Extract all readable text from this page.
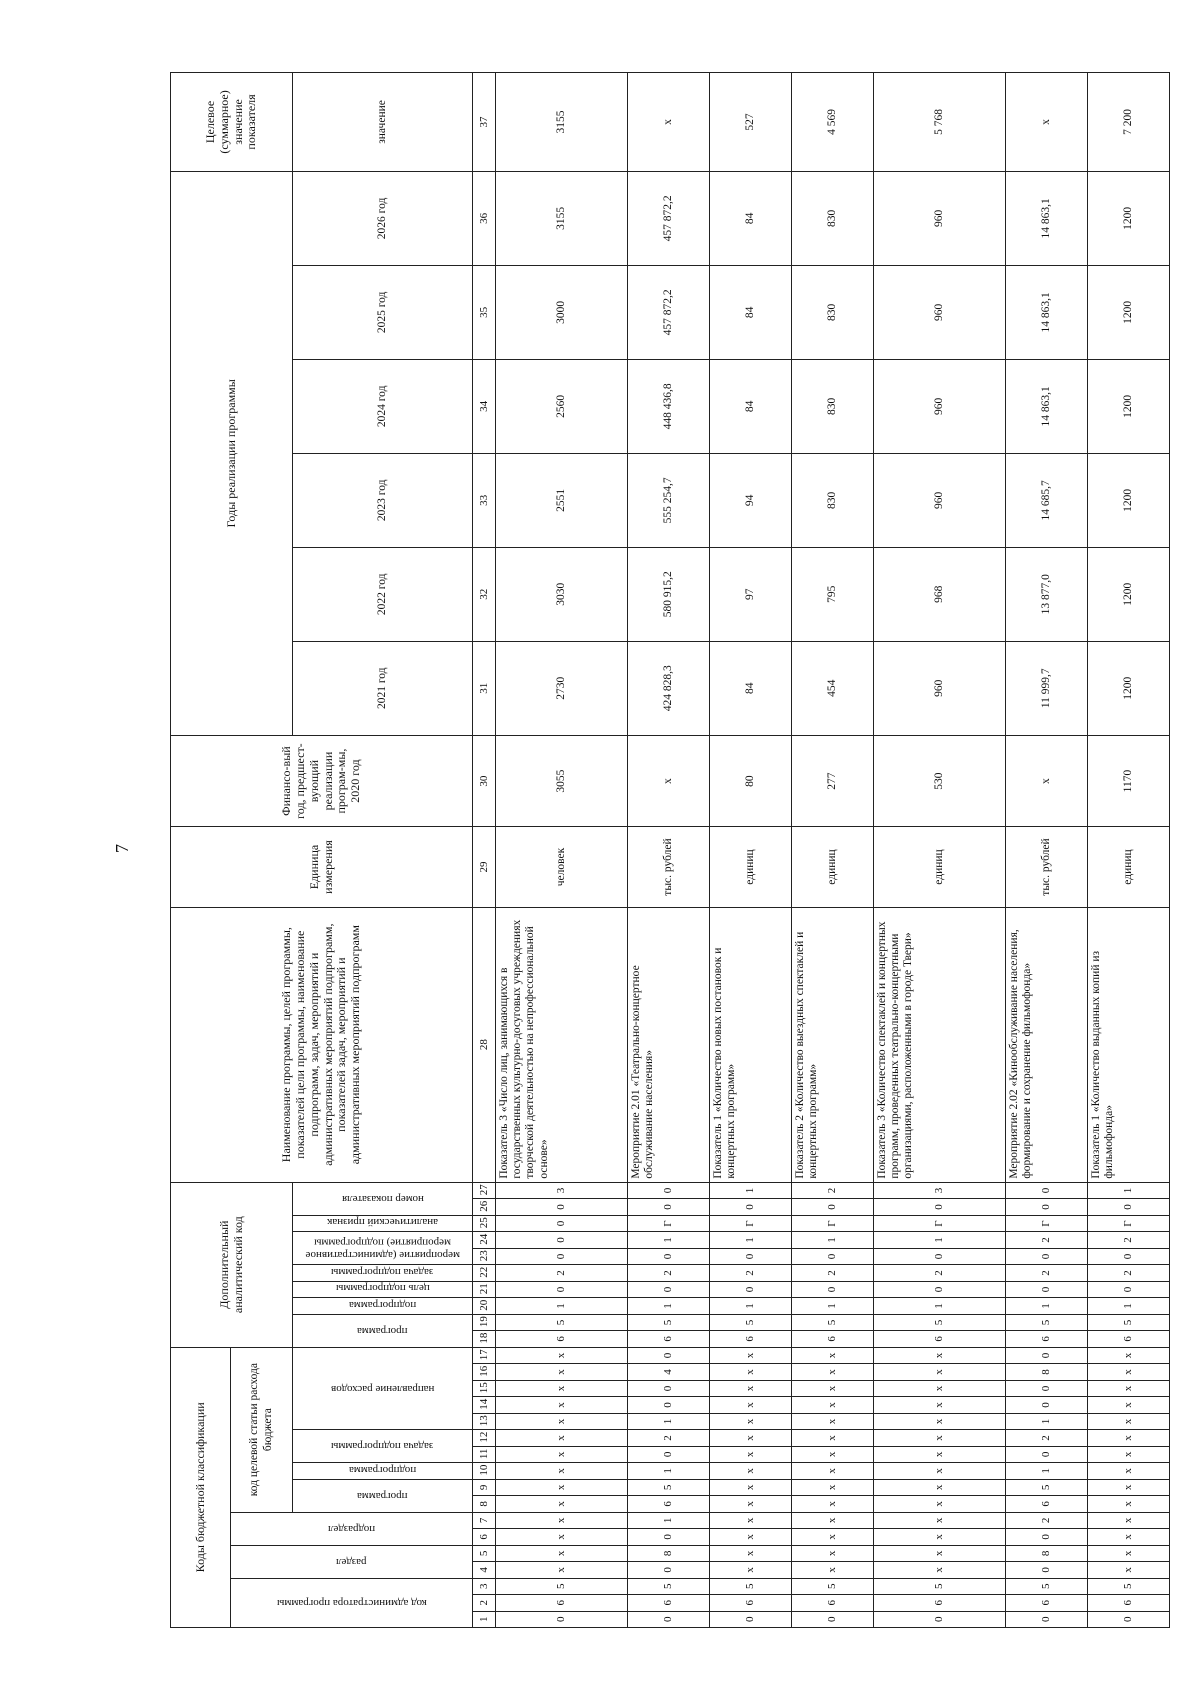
7
Коды бюджетной классификации																	Дополнительный аналитический код										Наименование программы, целей программы, показателей цели программы, наименование подпрограмм, задач, мероприятий и административных мероприятий подпрограмм, показателей задач, мероприятий и административных мероприятий подпрограмм	Единица измерения	Финансо-вый год, предшест-вующий реализации програм-мы, 2020 год	Годы реализации программы						Целевое (суммарное) значение показателя

код администратора программы			раздел		подраздел		код целевой статьи расхода бюджета																													

							программа		подпрограмма	задача подпрограммы		направление расходов					программа		подпрограмма	цель подпрограммы	задача подпрограммы	мероприятие (административное мероприятие) подпрограммы		аналитический признак	номер показателя					2021 год	2022 год	2023 год	2024 год	2025 год	2026 год	значение
1	2	3	4	5	6	7	8	9	10	11	12	13	14	15	16	17	18	19	20	21	22	23	24	25	26	27	28	29	30	31	32	33	34	35	36	37
0	6	5	х	х	х	х	х	х	х	х	х	х	х	х	х	х	6	5	1	0	2	0	0	0	0	3	Показатель 3 «Число лиц, занимающихся в государственных культурно-досуговых учреждениях творческой деятельностью на непрофессиональной основе»	человек	3055	2730	3030	2551	2560	3000	3155	3155
0	6	5	0	8	0	1	6	5	1	0	2	1	0	0	4	0	6	5	1	0	2	0	1	Г	0	0	Мероприятие 2.01 «Театрально-концертное обслуживание населения»	тыс. рублей	х	424 828,3	580 915,2	555 254,7	448 436,8	457 872,2	457 872,2	х
0	6	5	х	х	х	х	х	х	х	х	х	х	х	х	х	х	6	5	1	0	2	0	1	Г	0	1	Показатель 1 «Количество новых постановок и концертных программ»	единиц	80	84	97	94	84	84	84	527
0	6	5	х	х	х	х	х	х	х	х	х	х	х	х	х	х	6	5	1	0	2	0	1	Г	0	2	Показатель 2 «Количество выездных спектаклей и концертных программ»	единиц	277	454	795	830	830	830	830	4 569
0	6	5	х	х	х	х	х	х	х	х	х	х	х	х	х	х	6	5	1	0	2	0	1	Г	0	3	Показатель 3 «Количество спектаклей и концертных программ, проведенных театрально-концертными организациями, расположенными в городе Твери»	единиц	530	960	968	960	960	960	960	5 768
0	6	5	0	8	0	2	6	5	1	0	2	1	0	0	8	0	6	5	1	0	2	0	2	Г	0	0	Мероприятие 2.02 «Кинообслуживание населения, формирование и сохранение фильмофонда»	тыс. рублей	х	11 999,7	13 877,0	14 685,7	14 863,1	14 863,1	14 863,1	х
0	6	5	х	х	х	х	х	х	х	х	х	х	х	х	х	х	6	5	1	0	2	0	2	Г	0	1	Показатель 1 «Количество выданных копий из фильмофонда»	единиц	1170	1200	1200	1200	1200	1200	1200	7 200
